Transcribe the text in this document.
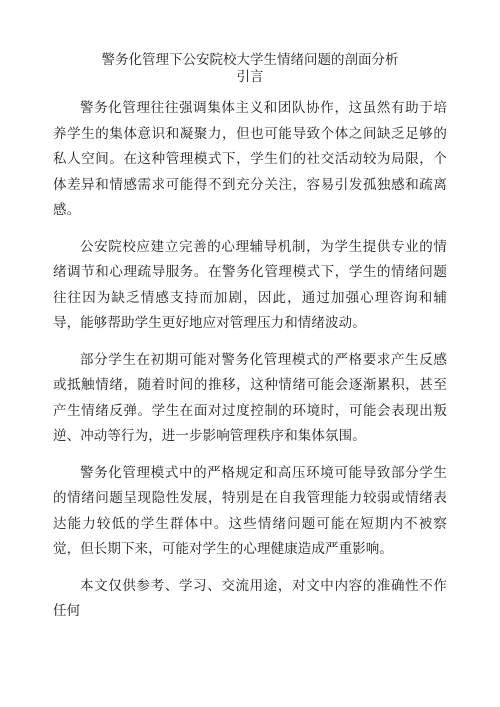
警务化管理下公安院校大学生情绪问题的剖面分析
引言

警务化管理往往强调集体主义和团队协作，这虽然有助于培养学生的集体意识和凝聚力，但也可能导致个体之间缺乏足够的私人空间。在这种管理模式下，学生们的社交活动较为局限，个体差异和情感需求可能得不到充分关注，容易引发孤独感和疏离感。

公安院校应建立完善的心理辅导机制，为学生提供专业的情绪调节和心理疏导服务。在警务化管理模式下，学生的情绪问题往往因为缺乏情感支持而加剧，因此，通过加强心理咨询和辅导，能够帮助学生更好地应对管理压力和情绪波动。

部分学生在初期可能对警务化管理模式的严格要求产生反感或抵触情绪，随着时间的推移，这种情绪可能会逐渐累积，甚至产生情绪反弹。学生在面对过度控制的环境时，可能会表现出叛逆、冲动等行为，进一步影响管理秩序和集体氛围。

警务化管理模式中的严格规定和高压环境可能导致部分学生的情绪问题呈现隐性发展，特别是在自我管理能力较弱或情绪表达能力较低的学生群体中。这些情绪问题可能在短期内不被察觉，但长期下来，可能对学生的心理健康造成严重影响。

本文仅供参考、学习、交流用途，对文中内容的准确性不作任何
